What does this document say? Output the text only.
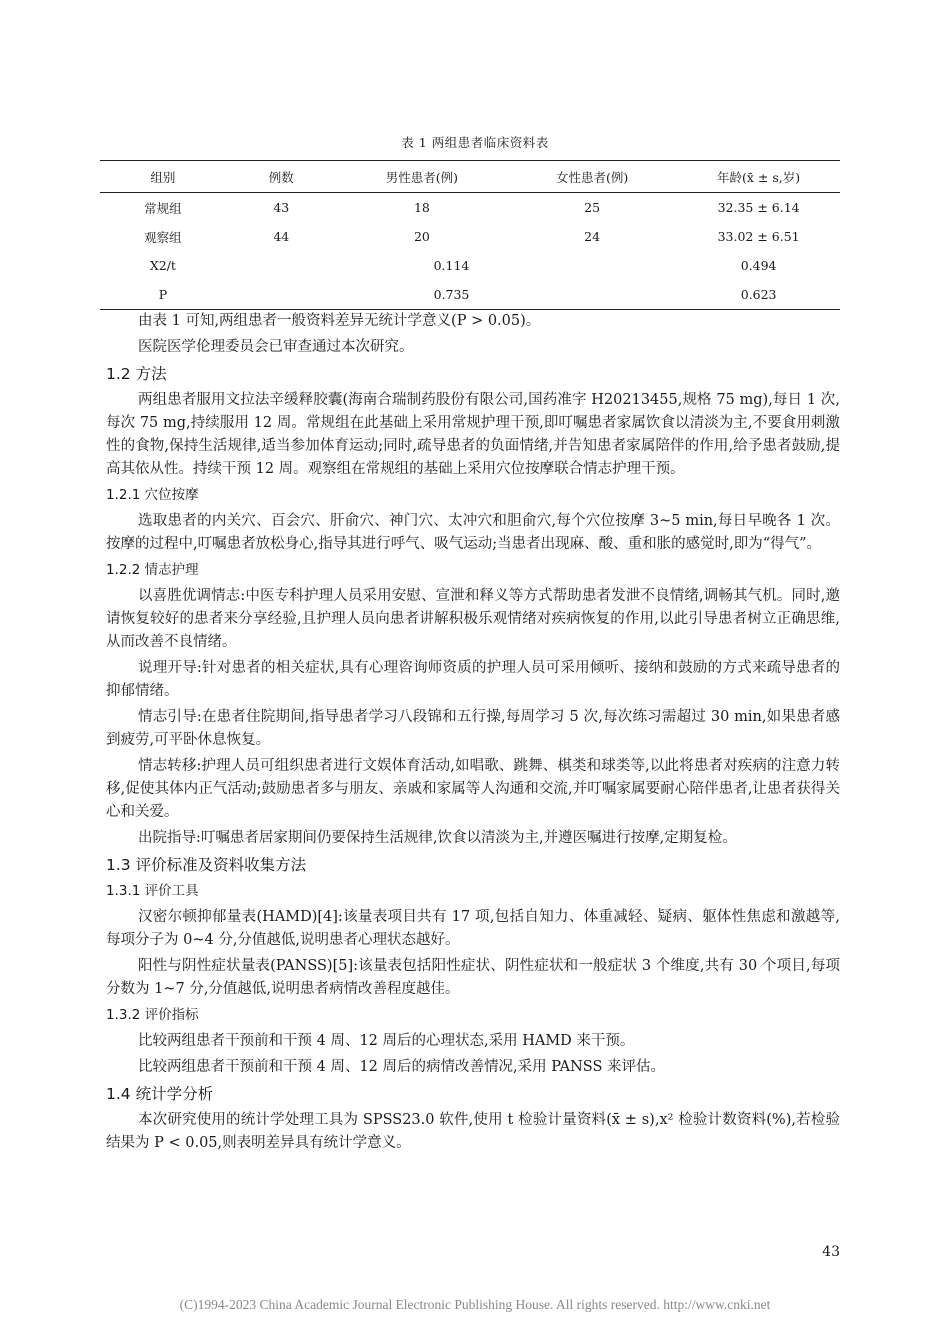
表 1 两组患者临床资料表
组别	例数	男性患者(例)	女性患者(例)	年龄(x̄ ± s,岁)
常规组	43	18	25	32.35 ± 6.14
观察组	44	20	24	33.02 ± 6.51
X2/t	0.114			0.494
P	0.735			0.623

由表 1 可知,两组患者一般资料差异无统计学意义(P > 0.05)。

医院医学伦理委员会已审查通过本次研究。

1.2 方法

两组患者服用文拉法辛缓释胶囊(海南合瑞制药股份有限公司,国药准字 H20213455,规格 75 mg),每日 1 次,每次 75 mg,持续服用 12 周。常规组在此基础上采用常规护理干预,即叮嘱患者家属饮食以清淡为主,不要食用刺激性的食物,保持生活规律,适当参加体育运动;同时,疏导患者的负面情绪,并告知患者家属陪伴的作用,给予患者鼓励,提高其依从性。持续干预 12 周。观察组在常规组的基础上采用穴位按摩联合情志护理干预。

1.2.1 穴位按摩

选取患者的内关穴、百会穴、肝俞穴、神门穴、太冲穴和胆俞穴,每个穴位按摩 3~5 min,每日早晚各 1 次。按摩的过程中,叮嘱患者放松身心,指导其进行呼气、吸气运动;当患者出现麻、酸、重和胀的感觉时,即为“得气”。

1.2.2 情志护理

以喜胜优调情志:中医专科护理人员采用安慰、宣泄和释义等方式帮助患者发泄不良情绪,调畅其气机。同时,邀请恢复较好的患者来分享经验,且护理人员向患者讲解积极乐观情绪对疾病恢复的作用,以此引导患者树立正确思维,从而改善不良情绪。

说理开导:针对患者的相关症状,具有心理咨询师资质的护理人员可采用倾听、接纳和鼓励的方式来疏导患者的抑郁情绪。

情志引导:在患者住院期间,指导患者学习八段锦和五行操,每周学习 5 次,每次练习需超过 30 min,如果患者感到疲劳,可平卧休息恢复。

情志转移:护理人员可组织患者进行文娱体育活动,如唱歌、跳舞、棋类和球类等,以此将患者对疾病的注意力转移,促使其体内正气活动;鼓励患者多与朋友、亲戚和家属等人沟通和交流,并叮嘱家属要耐心陪伴患者,让患者获得关心和关爱。

出院指导:叮嘱患者居家期间仍要保持生活规律,饮食以清淡为主,并遵医嘱进行按摩,定期复检。

1.3 评价标准及资料收集方法
1.3.1 评价工具

汉密尔顿抑郁量表(HAMD)[4]:该量表项目共有 17 项,包括自知力、体重减轻、疑病、躯体性焦虑和激越等,每项分子为 0~4 分,分值越低,说明患者心理状态越好。

阳性与阴性症状量表(PANSS)[5]:该量表包括阳性症状、阴性症状和一般症状 3 个维度,共有 30 个项目,每项分数为 1~7 分,分值越低,说明患者病情改善程度越佳。

1.3.2 评价指标

比较两组患者干预前和干预 4 周、12 周后的心理状态,采用 HAMD 来干预。

比较两组患者干预前和干预 4 周、12 周后的病情改善情况,采用 PANSS 来评估。

1.4 统计学分析

本次研究使用的统计学处理工具为 SPSS23.0 软件,使用 t 检验计量资料(x̄ ± s),x² 检验计数资料(%),若检验结果为 P < 0.05,则表明差异具有统计学意义。

43
(C)1994-2023 China Academic Journal Electronic Publishing House. All rights reserved. http://www.cnki.net
